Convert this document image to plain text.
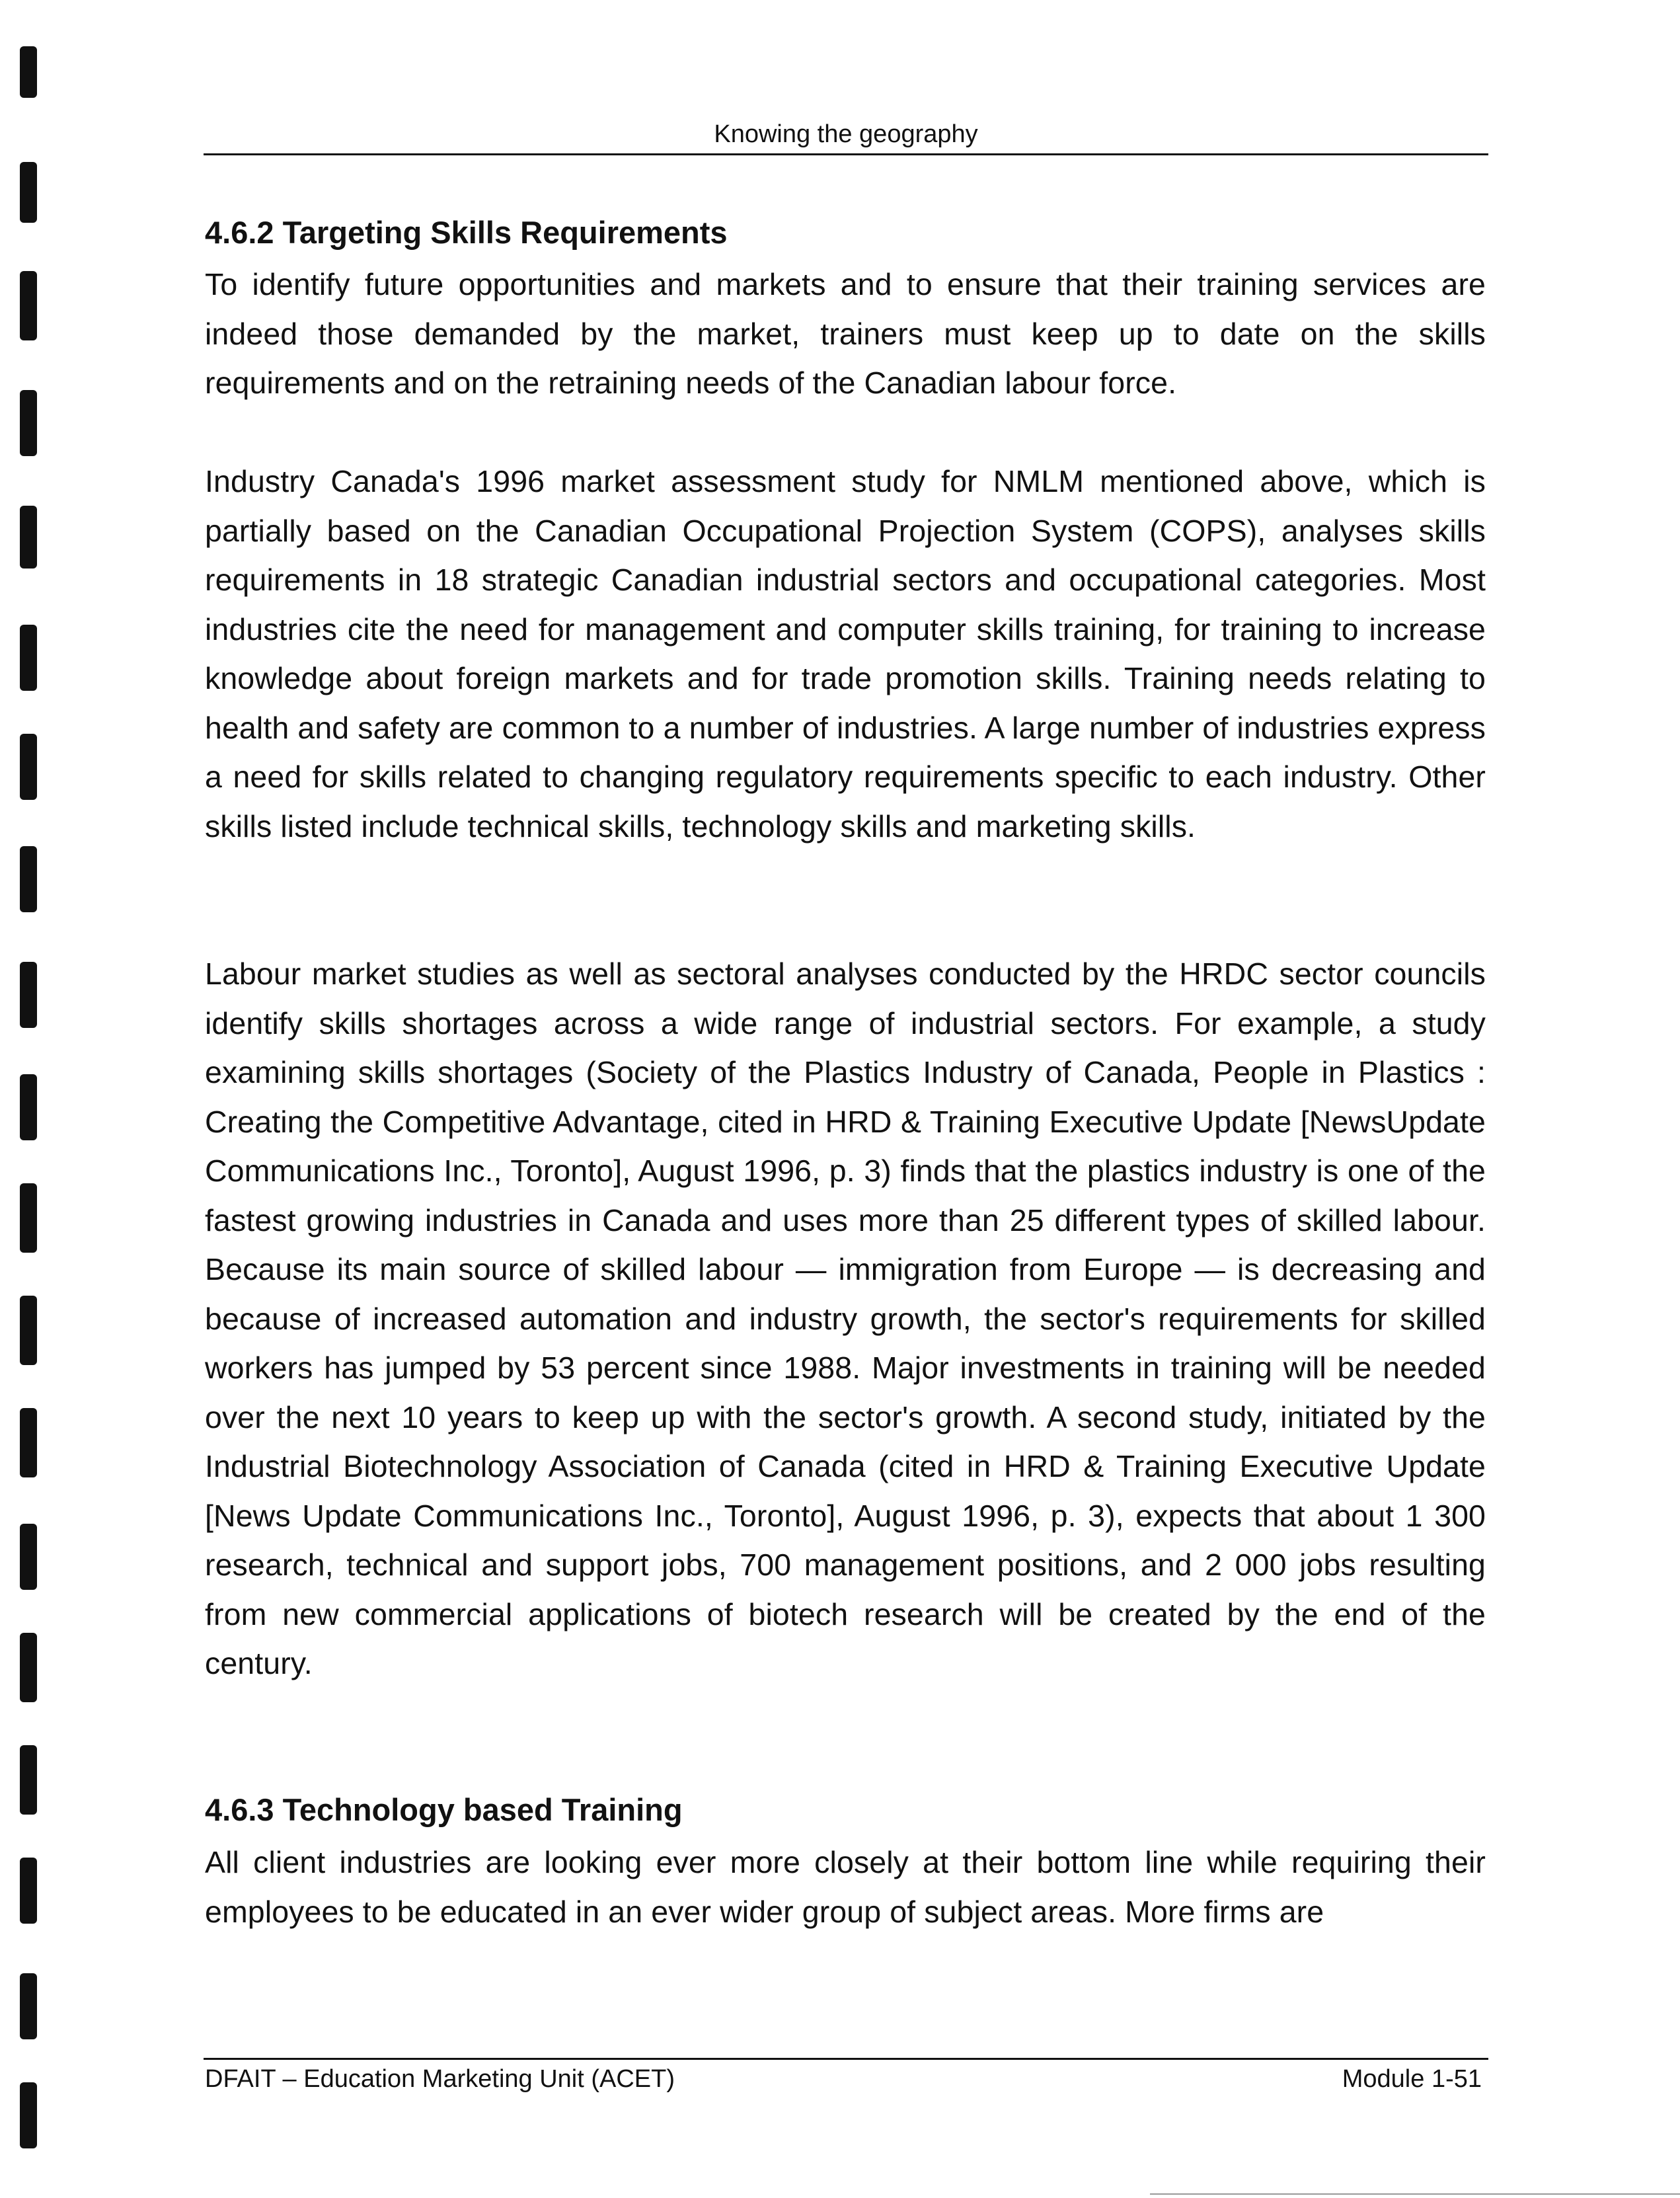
Knowing the geography
4.6.2 Targeting Skills Requirements

To identify future opportunities and markets and to ensure that their training services are indeed those demanded by the market, trainers must keep up to date on the skills requirements and on the retraining needs of the Canadian labour force.

Industry Canada's 1996 market assessment study for NMLM mentioned above, which is partially based on the Canadian Occupational Projection System (COPS), analyses skills requirements in 18 strategic Canadian industrial sectors and occupational categories. Most industries cite the need for management and computer skills training, for training to increase knowledge about foreign markets and for trade promotion skills. Training needs relating to health and safety are common to a number of industries. A large number of industries express a need for skills related to changing regulatory requirements specific to each industry. Other skills listed include technical skills, technology skills and marketing skills.

Labour market studies as well as sectoral analyses conducted by the HRDC sector councils identify skills shortages across a wide range of industrial sectors. For example, a study examining skills shortages (Society of the Plastics Industry of Canada, People in Plastics : Creating the Competitive Advantage, cited in HRD & Training Executive Update [NewsUpdate Communications Inc., Toronto], August 1996, p. 3) finds that the plastics industry is one of the fastest growing industries in Canada and uses more than 25 different types of skilled labour. Because its main source of skilled labour — immigration from Europe — is decreasing and because of increased automation and industry growth, the sector's requirements for skilled workers has jumped by 53 percent since 1988. Major investments in training will be needed over the next 10 years to keep up with the sector's growth. A second study, initiated by the Industrial Biotechnology Association of Canada (cited in HRD & Training Executive Update [News Update Communications Inc., Toronto], August 1996, p. 3), expects that about 1 300 research, technical and support jobs, 700 management positions, and 2 000 jobs resulting from new commercial applications of biotech research will be created by the end of the century.

4.6.3 Technology based Training

All client industries are looking ever more closely at their bottom line while requiring their employees to be educated in an ever wider group of subject areas. More firms are

DFAIT – Education Marketing Unit (ACET)	Module 1-51
